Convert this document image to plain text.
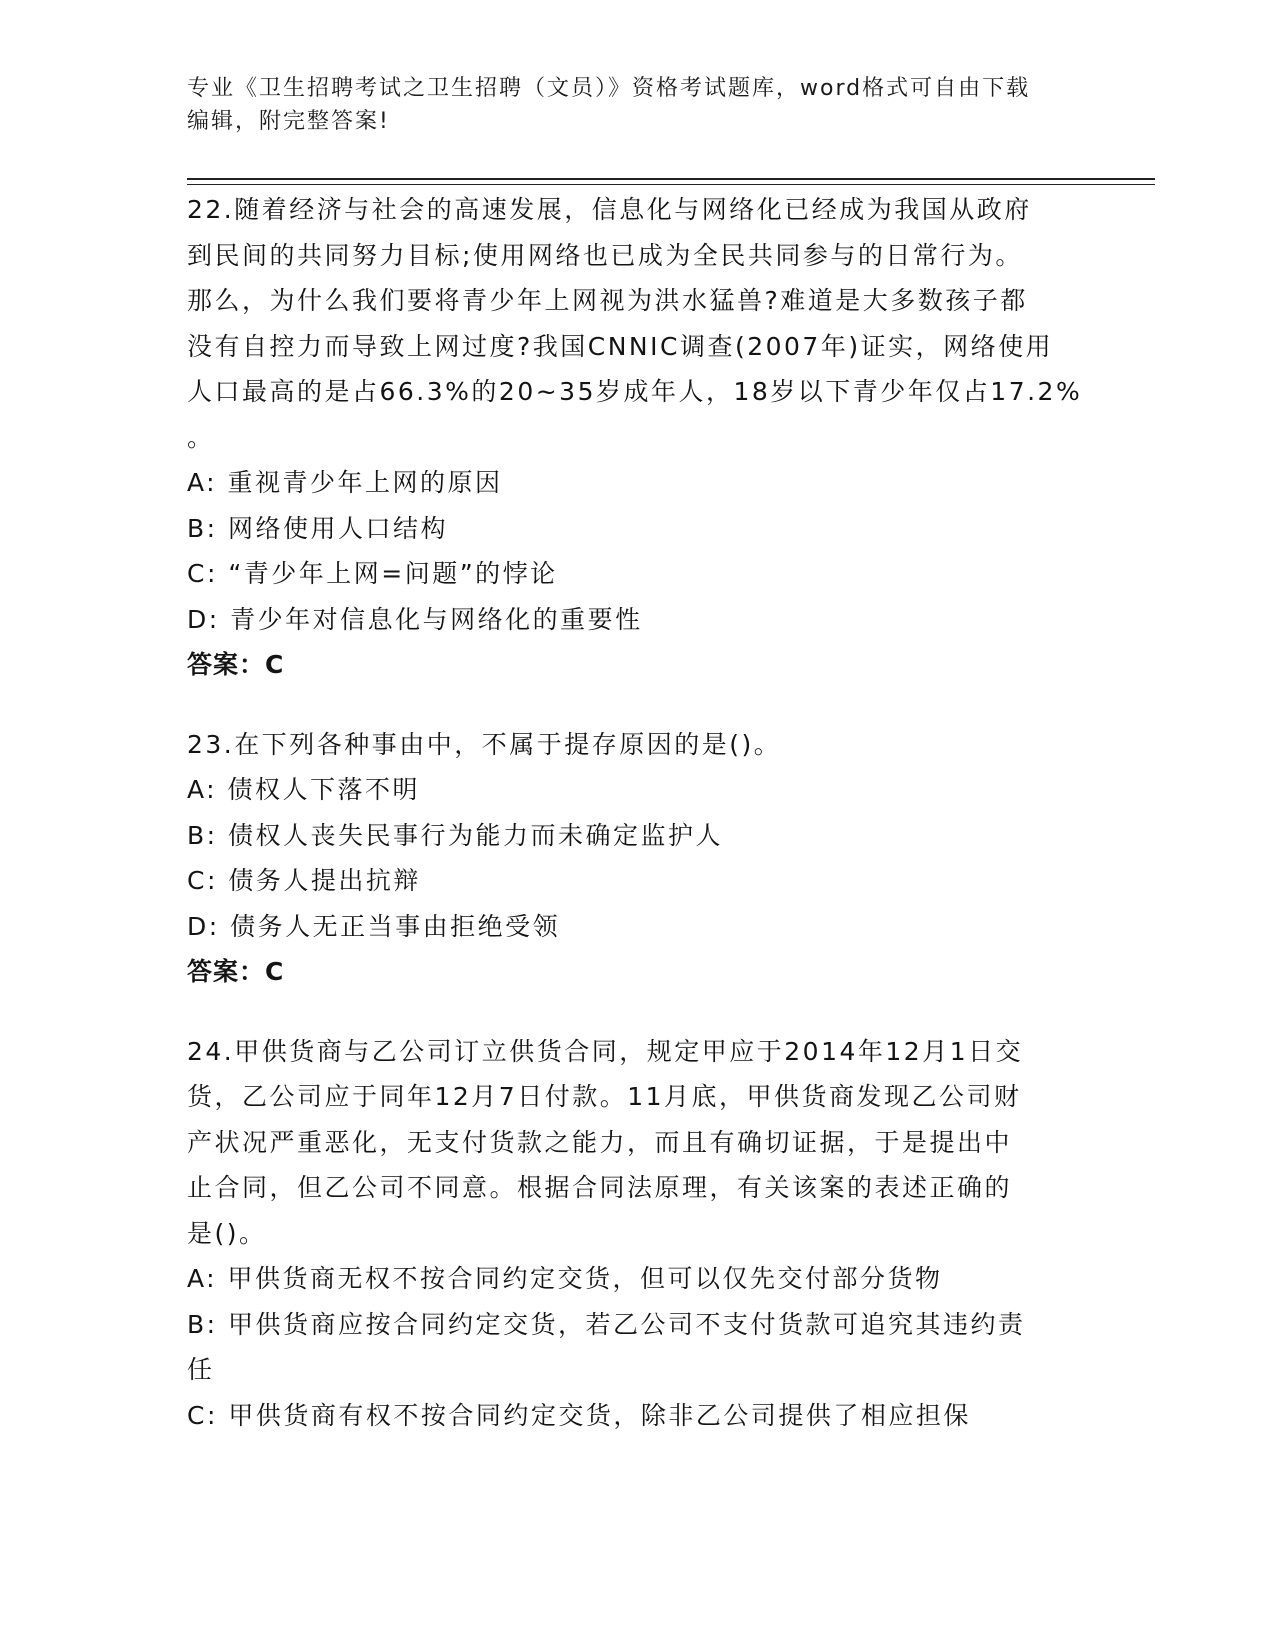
专业《卫生招聘考试之卫生招聘（文员）》资格考试题库，word格式可自由下载
编辑，附完整答案!
22.随着经济与社会的高速发展，信息化与网络化已经成为我国从政府
到民间的共同努力目标;使用网络也已成为全民共同参与的日常行为。
那么，为什么我们要将青少年上网视为洪水猛兽?难道是大多数孩子都
没有自控力而导致上网过度?我国CNNIC调查(2007年)证实，网络使用
人口最高的是占66.3%的20~35岁成年人，18岁以下青少年仅占17.2%
。
A: 重视青少年上网的原因
B: 网络使用人口结构
C: “青少年上网=问题”的悖论
D: 青少年对信息化与网络化的重要性
答案：C
23.在下列各种事由中，不属于提存原因的是()。
A: 债权人下落不明
B: 债权人丧失民事行为能力而未确定监护人
C: 债务人提出抗辩
D: 债务人无正当事由拒绝受领
答案：C
24.甲供货商与乙公司订立供货合同，规定甲应于2014年12月1日交
货，乙公司应于同年12月7日付款。11月底，甲供货商发现乙公司财
产状况严重恶化，无支付货款之能力，而且有确切证据，于是提出中
止合同，但乙公司不同意。根据合同法原理，有关该案的表述正确的
是()。
A: 甲供货商无权不按合同约定交货，但可以仅先交付部分货物
B: 甲供货商应按合同约定交货，若乙公司不支付货款可追究其违约责
任
C: 甲供货商有权不按合同约定交货，除非乙公司提供了相应担保
